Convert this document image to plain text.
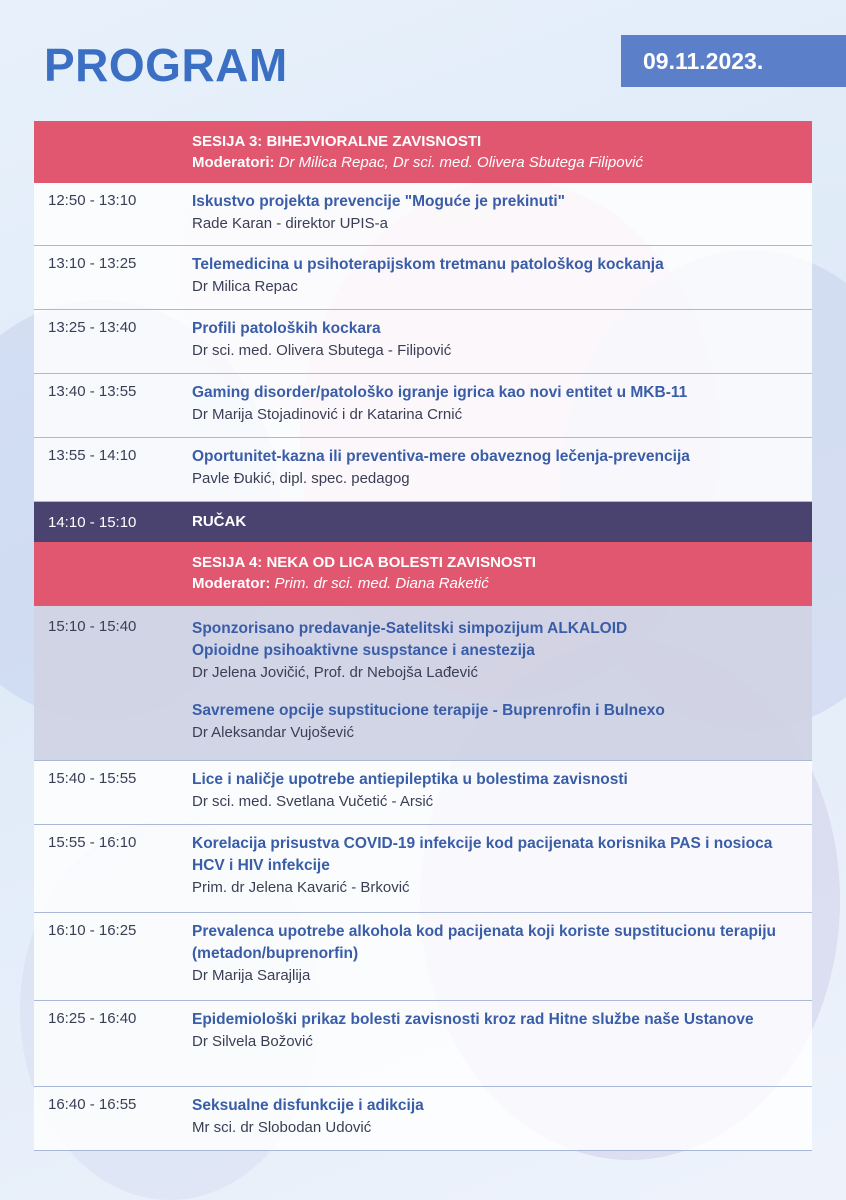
PROGRAM	09.11.2023.
SESIJA 3: BIHEJVIORALNE ZAVISNOSTI
Moderatori: Dr Milica Repac, Dr sci. med. Olivera Sbutega Filipović
12:50 - 13:10	Iskustvo projekta prevencije "Moguće je prekinuti"
Rade Karan - direktor UPIS-a
13:10 - 13:25	Telemedicina u psihoterapijskom tretmanu patološkog kockanja
Dr Milica Repac
13:25 - 13:40	Profili patoloških kockara
Dr sci. med. Olivera Sbutega - Filipović
13:40 - 13:55	Gaming disorder/patološko igranje igrica kao novi entitet u MKB-11
Dr Marija Stojadinović i dr Katarina Crnić
13:55 - 14:10	Oportunitet-kazna ili preventiva-mere obaveznog lečenja-prevencija
Pavle Đukić, dipl. spec. pedagog
14:10 - 15:10	RUČAK
SESIJA 4: NEKA OD LICA BOLESTI ZAVISNOSTI
Moderator: Prim. dr sci. med. Diana Raketić
15:10 - 15:40	Sponzorisano predavanje-Satelitski simpozijum ALKALOID
Opioidne psihoaktivne suspstance i anestezija
Dr Jelena Jovičić, Prof. dr Nebojša Lađević
Savremene opcije supstitucione terapije - Buprenrofin i Bulnexo
Dr Aleksandar Vujošević
15:40 - 15:55	Lice i naličje upotrebe antiepileptika u bolestima zavisnosti
Dr sci. med. Svetlana Vučetić - Arsić
15:55 - 16:10	Korelacija prisustva COVID-19 infekcije kod pacijenata korisnika PAS i nosioca HCV i HIV infekcije
Prim. dr Jelena Kavarić - Brković
16:10 - 16:25	Prevalenca upotrebe alkohola kod pacijenata koji koriste supstitucionu terapiju (metadon/buprenorfin)
Dr Marija Sarajlija
16:25 - 16:40	Epidemiološki prikaz bolesti zavisnosti kroz rad Hitne službe naše Ustanove
Dr Silvela Božović
16:40 - 16:55	Seksualne disfunkcije i adikcija
Mr sci. dr Slobodan Udović
